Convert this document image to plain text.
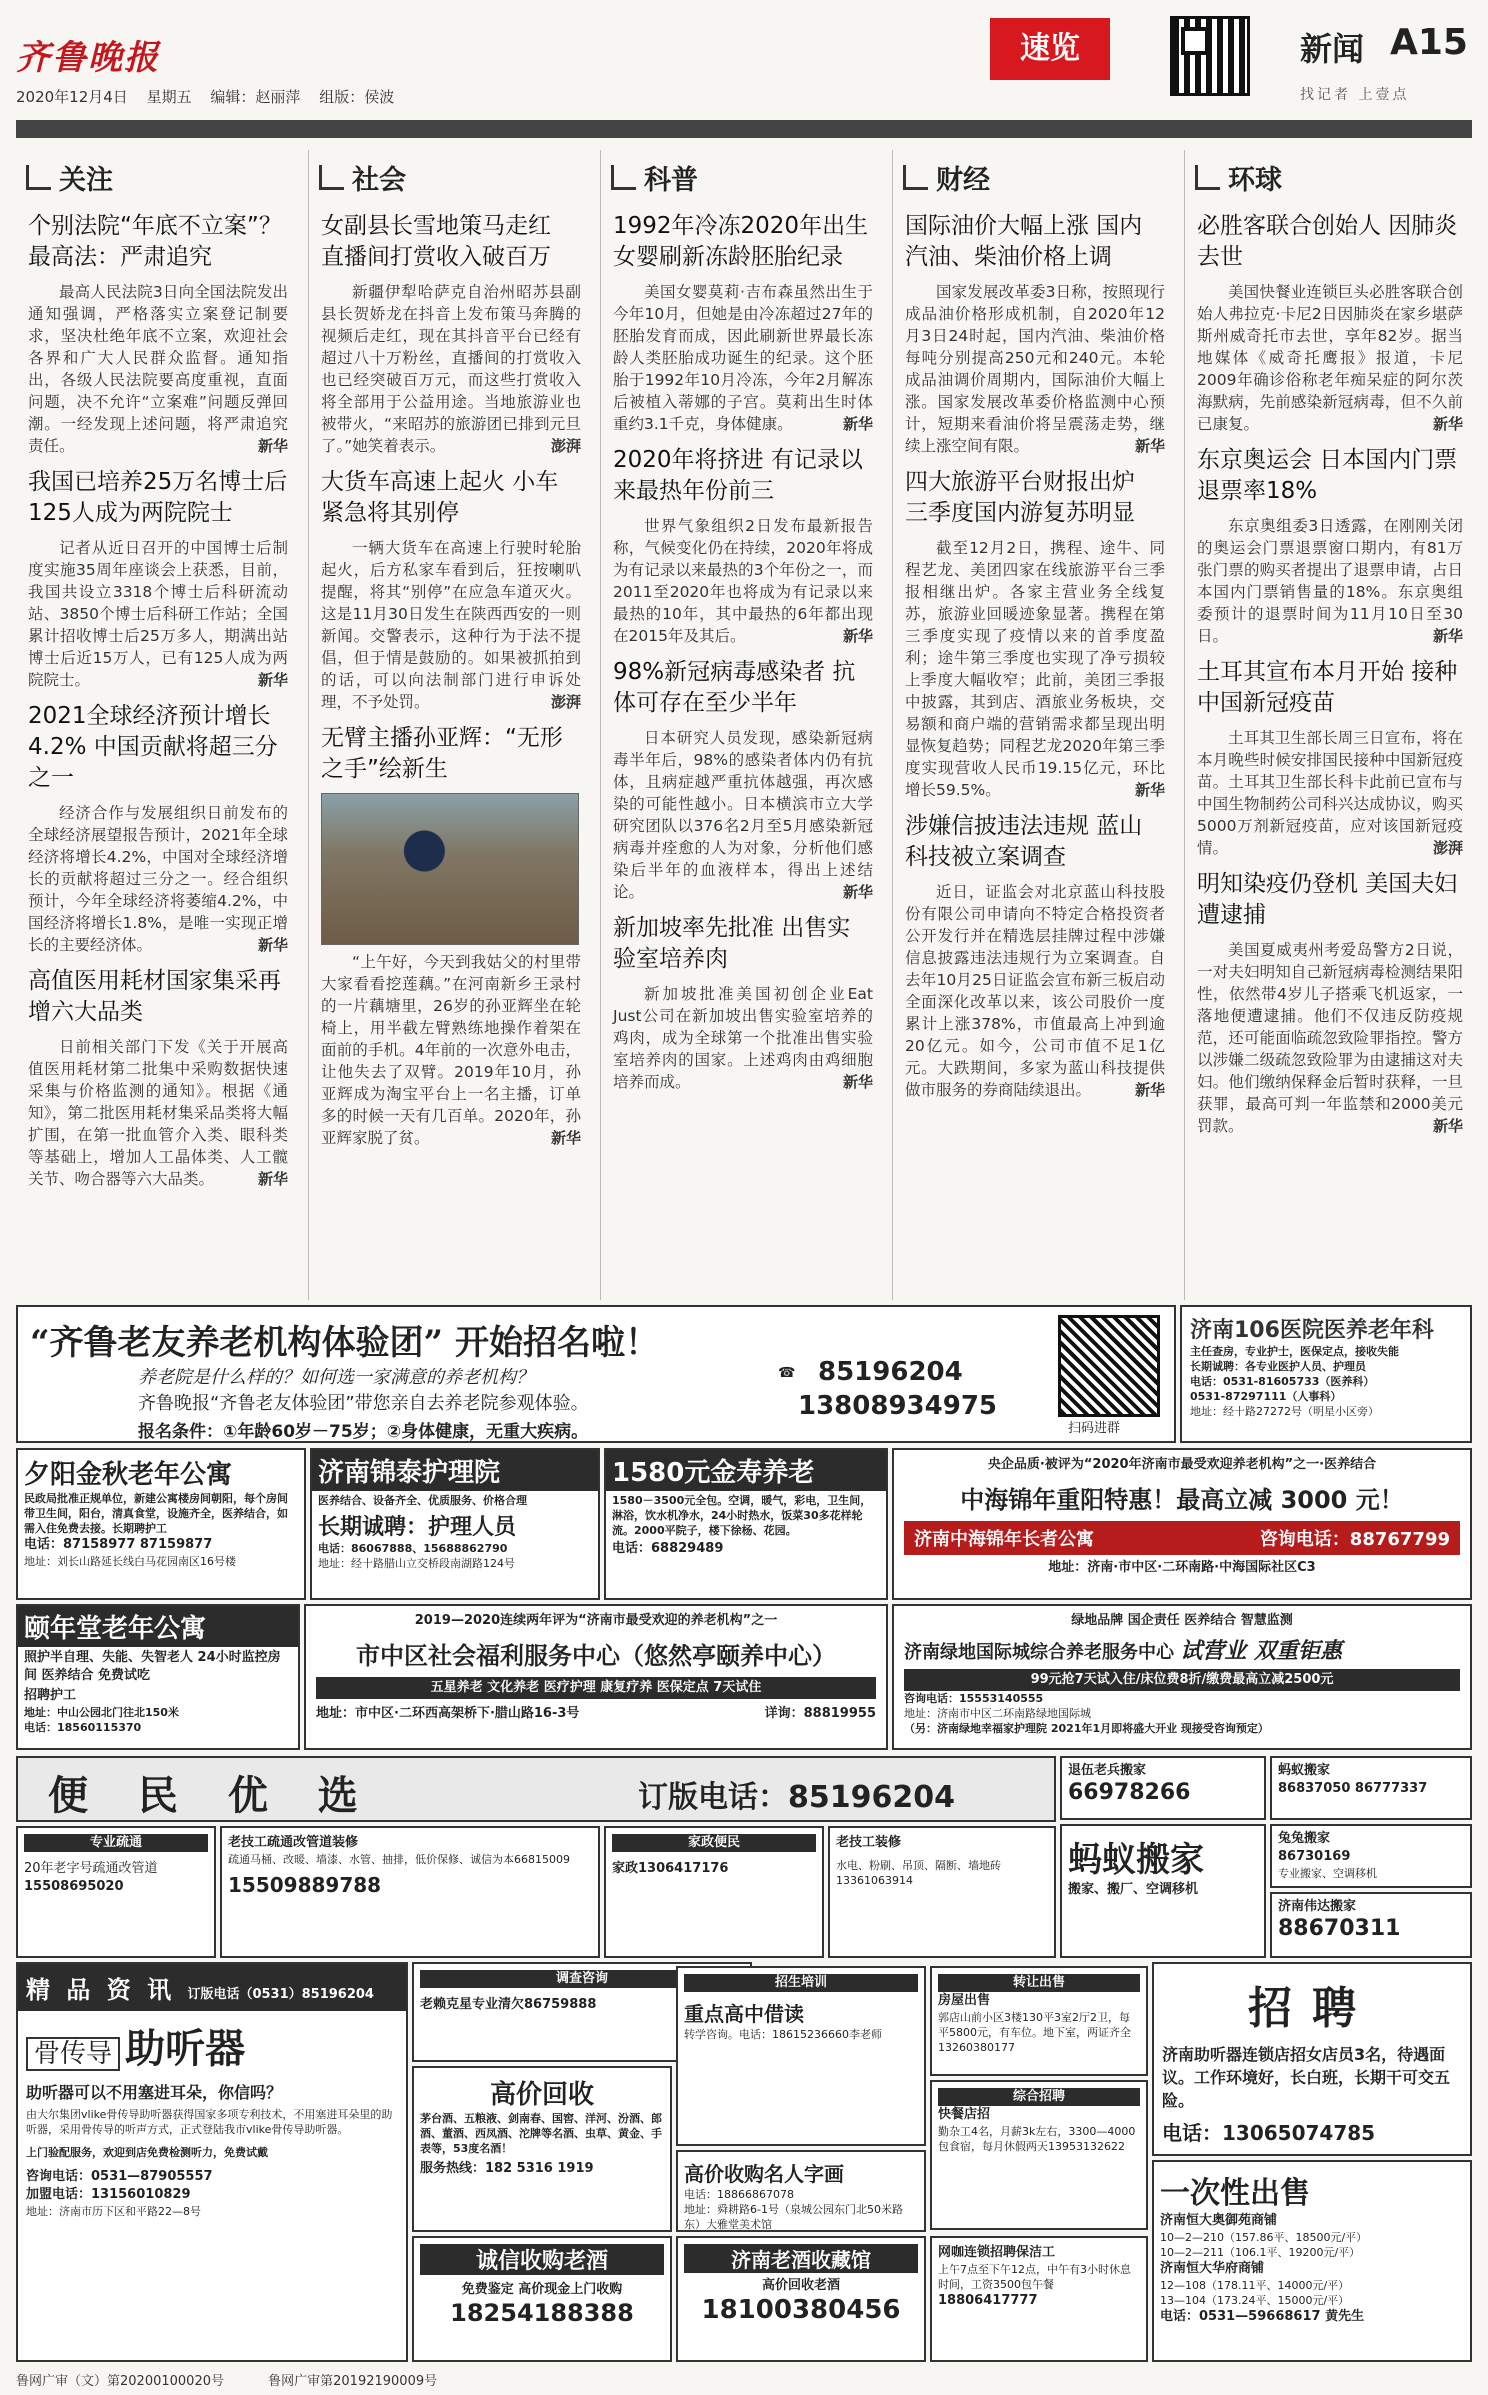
齐鲁晚报
2020年12月4日 星期五 编辑：赵丽萍 组版：侯波
速览	新闻 A15
找记者 上壹点
关注
个别法院“年底不立案”？最高法：严肃追究

最高人民法院3日向全国法院发出通知强调，严格落实立案登记制要求，坚决杜绝年底不立案，欢迎社会各界和广大人民群众监督。通知指出，各级人民法院要高度重视，直面问题，决不允许“立案难”问题反弹回潮。一经发现上述问题，将严肃追究责任。	新华

我国已培养25万名博士后 125人成为两院院士

记者从近日召开的中国博士后制度实施35周年座谈会上获悉，目前，我国共设立3318个博士后科研流动站、3850个博士后科研工作站；全国累计招收博士后25万多人，期满出站博士后近15万人，已有125人成为两院院士。	新华

2021全球经济预计增长4.2% 中国贡献将超三分之一

经济合作与发展组织日前发布的全球经济展望报告预计，2021年全球经济将增长4.2%，中国对全球经济增长的贡献将超过三分之一。经合组织预计，今年全球经济将萎缩4.2%，中国经济将增长1.8%，是唯一实现正增长的主要经济体。	新华

高值医用耗材国家集采再增六大品类

日前相关部门下发《关于开展高值医用耗材第二批集中采购数据快速采集与价格监测的通知》。根据《通知》，第二批医用耗材集采品类将大幅扩围，在第一批血管介入类、眼科类等基础上，增加人工晶体类、人工髋关节、吻合器等六大品类。	新华

社会
女副县长雪地策马走红 直播间打赏收入破百万

新疆伊犁哈萨克自治州昭苏县副县长贺娇龙在抖音上发布策马奔腾的视频后走红，现在其抖音平台已经有超过八十万粉丝，直播间的打赏收入也已经突破百万元，而这些打赏收入将全部用于公益用途。当地旅游业也被带火，“来昭苏的旅游团已排到元旦了。”她笑着表示。	澎湃

大货车高速上起火 小车紧急将其别停

一辆大货车在高速上行驶时轮胎起火，后方私家车看到后，狂按喇叭提醒，将其“别停”在应急车道灭火。这是11月30日发生在陕西西安的一则新闻。交警表示，这种行为于法不提倡，但于情是鼓励的。如果被抓拍到的话，可以向法制部门进行申诉处理，不予处罚。	澎湃

无臂主播孙亚辉：“无形之手”绘新生

“上午好，今天到我姑父的村里带大家看看挖莲藕。”在河南新乡王录村的一片藕塘里，26岁的孙亚辉坐在轮椅上，用半截左臂熟练地操作着架在面前的手机。4年前的一次意外电击，让他失去了双臂。2019年10月，孙亚辉成为淘宝平台上一名主播，订单多的时候一天有几百单。2020年，孙亚辉家脱了贫。	新华

科普
1992年冷冻2020年出生 女婴刷新冻龄胚胎纪录

美国女婴莫莉·吉布森虽然出生于今年10月，但她是由冷冻超过27年的胚胎发育而成，因此刷新世界最长冻龄人类胚胎成功诞生的纪录。这个胚胎于1992年10月冷冻，今年2月解冻后被植入蒂娜的子宫。莫莉出生时体重约3.1千克，身体健康。	新华

2020年将挤进 有记录以来最热年份前三

世界气象组织2日发布最新报告称，气候变化仍在持续，2020年将成为有记录以来最热的3个年份之一，而2011至2020年也将成为有记录以来最热的10年，其中最热的6年都出现在2015年及其后。	新华

98%新冠病毒感染者 抗体可存在至少半年

日本研究人员发现，感染新冠病毒半年后，98%的感染者体内仍有抗体，且病症越严重抗体越强，再次感染的可能性越小。日本横滨市立大学研究团队以376名2月至5月感染新冠病毒并痊愈的人为对象，分析他们感染后半年的血液样本，得出上述结论。	新华

新加坡率先批准 出售实验室培养肉

新加坡批准美国初创企业Eat Just公司在新加坡出售实验室培养的鸡肉，成为全球第一个批准出售实验室培养肉的国家。上述鸡肉由鸡细胞培养而成。	新华

财经
国际油价大幅上涨 国内汽油、柴油价格上调

国家发展改革委3日称，按照现行成品油价格形成机制，自2020年12月3日24时起，国内汽油、柴油价格每吨分别提高250元和240元。本轮成品油调价周期内，国际油价大幅上涨。国家发展改革委价格监测中心预计，短期来看油价将呈震荡走势，继续上涨空间有限。	新华

四大旅游平台财报出炉 三季度国内游复苏明显

截至12月2日，携程、途牛、同程艺龙、美团四家在线旅游平台三季报相继出炉。各家主营业务全线复苏，旅游业回暖迹象显著。携程在第三季度实现了疫情以来的首季度盈利；途牛第三季度也实现了净亏损较上季度大幅收窄；此前，美团三季报中披露，其到店、酒旅业务板块，交易额和商户端的营销需求都呈现出明显恢复趋势；同程艺龙2020年第三季度实现营收人民币19.15亿元，环比增长59.5%。	新华

涉嫌信披违法违规 蓝山科技被立案调查

近日，证监会对北京蓝山科技股份有限公司申请向不特定合格投资者公开发行并在精选层挂牌过程中涉嫌信息披露违法违规行为立案调查。自去年10月25日证监会宣布新三板启动全面深化改革以来，该公司股价一度累计上涨378%，市值最高上冲到逾20亿元。如今，公司市值不足1亿元。大跌期间，多家为蓝山科技提供做市服务的券商陆续退出。	新华

环球
必胜客联合创始人 因肺炎去世

美国快餐业连锁巨头必胜客联合创始人弗拉克·卡尼2日因肺炎在家乡堪萨斯州威奇托市去世，享年82岁。据当地媒体《威奇托鹰报》报道，卡尼2009年确诊俗称老年痴呆症的阿尔茨海默病，先前感染新冠病毒，但不久前已康复。	新华

东京奥运会 日本国内门票退票率18%

东京奥组委3日透露，在刚刚关闭的奥运会门票退票窗口期内，有81万张门票的购买者提出了退票申请，占日本国内门票销售量的18%。东京奥组委预计的退票时间为11月10日至30日。	新华

土耳其宣布本月开始 接种中国新冠疫苗

土耳其卫生部长周三日宣布，将在本月晚些时候安排国民接种中国新冠疫苗。土耳其卫生部长科卡此前已宣布与中国生物制药公司科兴达成协议，购买5000万剂新冠疫苗，应对该国新冠疫情。	澎湃

明知染疫仍登机 美国夫妇遭逮捕

美国夏威夷州考爱岛警方2日说，一对夫妇明知自己新冠病毒检测结果阳性，依然带4岁儿子搭乘飞机返家，一落地便遭逮捕。他们不仅违反防疫规范，还可能面临疏忽致险罪指控。警方以涉嫌二级疏忽致险罪为由逮捕这对夫妇。他们缴纳保释金后暂时获释，一旦获罪，最高可判一年监禁和2000美元罚款。	新华

“齐鲁老友养老机构体验团” 开始招名啦！
养老院是什么样的？如何选一家满意的养老机构？
齐鲁晚报“齐鲁老友体验团”带您亲自去养老院参观体验。
报名条件：①年龄60岁－75岁；②身体健康，无重大疾病。
☎ 85196204
13808934975
扫码进群
济南106医院医养老年科
主任查房，专业护士，医保定点，接收失能
长期诚聘：各专业医护人员、护理员
电话：0531-81605733（医养科）
0531-87297111（人事科）
地址：经十路27272号（明星小区旁）
夕阳金秋老年公寓
民政局批准正规单位，新建公寓楼房间朝阳，每个房间带卫生间，阳台，清真食堂，设施齐全，医养结合，如需入住免费去接。长期聘护工
电话：87158977 87159877
地址：刘长山路延长线白马花园南区16号楼
济南锦泰护理院
医养结合、设备齐全、优质服务、价格合理
长期诚聘：护理人员
电话：86067888、15688862790
地址：经十路腊山立交桥段南湖路124号
1580元金寿养老
1580－3500元全包。空调，暖气，彩电，卫生间，淋浴，饮水机净水，24小时热水，饭菜30多花样轮流。2000平院子，楼下徐杨、花园。
电话：68829489
央企品质·被评为“2020年济南市最受欢迎养老机构”之一·医养结合
中海锦年重阳特惠！最高立减 3000 元！
济南中海锦年长者公寓	咨询电话：88767799
地址：济南·市中区·二环南路·中海国际社区C3
颐年堂老年公寓
照护半自理、失能、失智老人 24小时监控房间 医养结合 免费试吃
招聘护工
地址：中山公园北门往北150米
电话：18560115370
2019—2020连续两年评为“济南市最受欢迎的养老机构”之一
市中区社会福利服务中心（悠然亭颐养中心）
五星养老 文化养老 医疗护理 康复疗养 医保定点 7天试住
地址：市中区·二环西高架桥下·腊山路16-3号	详询：88819955
绿地品牌 国企责任 医养结合 智慧监测
济南绿地国际城综合养老服务中心 试营业 双重钜惠
99元抢7天试入住/床位费8折/缴费最高立减2500元
咨询电话：15553140555
地址：济南市中区二环南路绿地国际城
（另：济南绿地幸福家护理院 2021年1月即将盛大开业 现接受咨询预定）
便 民 优 选	订版电话：85196204
专业疏通
20年老字号疏通改管道
15508695020
老技工疏通改管道装修
疏通马桶、改暖、墙漆、水管、抽排，低价保修、诚信为本66815009
15509889788
家政便民
家政1306417176
老技工装修
水电、粉刷、吊顶、隔断、墙地砖13361063914
退伍老兵搬家
66978266
蚂蚁搬家
86837050 86777337
蚂蚁搬家
搬家、搬厂、空调移机
兔兔搬家
86730169
专业搬家、空调移机
济南伟达搬家
88670311
精 品 资 讯 订版电话（0531）85196204
骨传导 助听器
助听器可以不用塞进耳朵，你信吗？
由大尔集团vlike骨传导助听器获得国家多项专利技术，不用塞进耳朵里的助听器，采用骨传导的听声方式，正式登陆我市vlike骨传导助听器。
上门验配服务，欢迎到店免费检测听力，免费试戴
咨询电话：0531—87905557
加盟电话：13156010829
地址：济南市历下区和平路22—8号
调查咨询
老赖克星专业清欠86759888
高价回收
茅台酒、五粮液、剑南春、国窖、洋河、汾酒、郎酒、董酒、西凤酒、沱牌等名酒、虫草、黄金、手表等，53度名酒！
服务热线：182 5316 1919
诚信收购老酒
免费鉴定 高价现金上门收购
18254188388
招生培训
重点高中借读
转学咨询。电话：18615236660李老师
高价收购名人字画
电话：18866867078
地址：舜耕路6-1号（泉城公园东门北50米路东）大雅堂美术馆
济南老酒收藏馆
高价回收老酒
18100380456
转让出售
房屋出售
郭店山前小区3楼130平3室2厅2卫，每平5800元，有车位。地下室，两证齐全13260380177
综合招聘
快餐店招
勤杂工4名，月薪3k左右，3300—4000包食宿，每月休假两天13953132622
网咖连锁招聘保洁工
上午7点至下午12点，中午有3小时休息时间，工资3500包午餐
18806417777
招聘
济南助听器连锁店招女店员3名，待遇面议。工作环境好，长白班，长期干可交五险。
电话：13065074785
一次性出售
济南恒大奥御苑商铺
10—2—210（157.86平、18500元/平）
10—2—211（106.1平、19200元/平）
济南恒大华府商铺
12—108（178.11平、14000元/平）
13—104（173.24平、15000元/平）
电话：0531—59668617 黄先生
鲁网广审（文）第20200100020号	鲁网广审第20192190009号
